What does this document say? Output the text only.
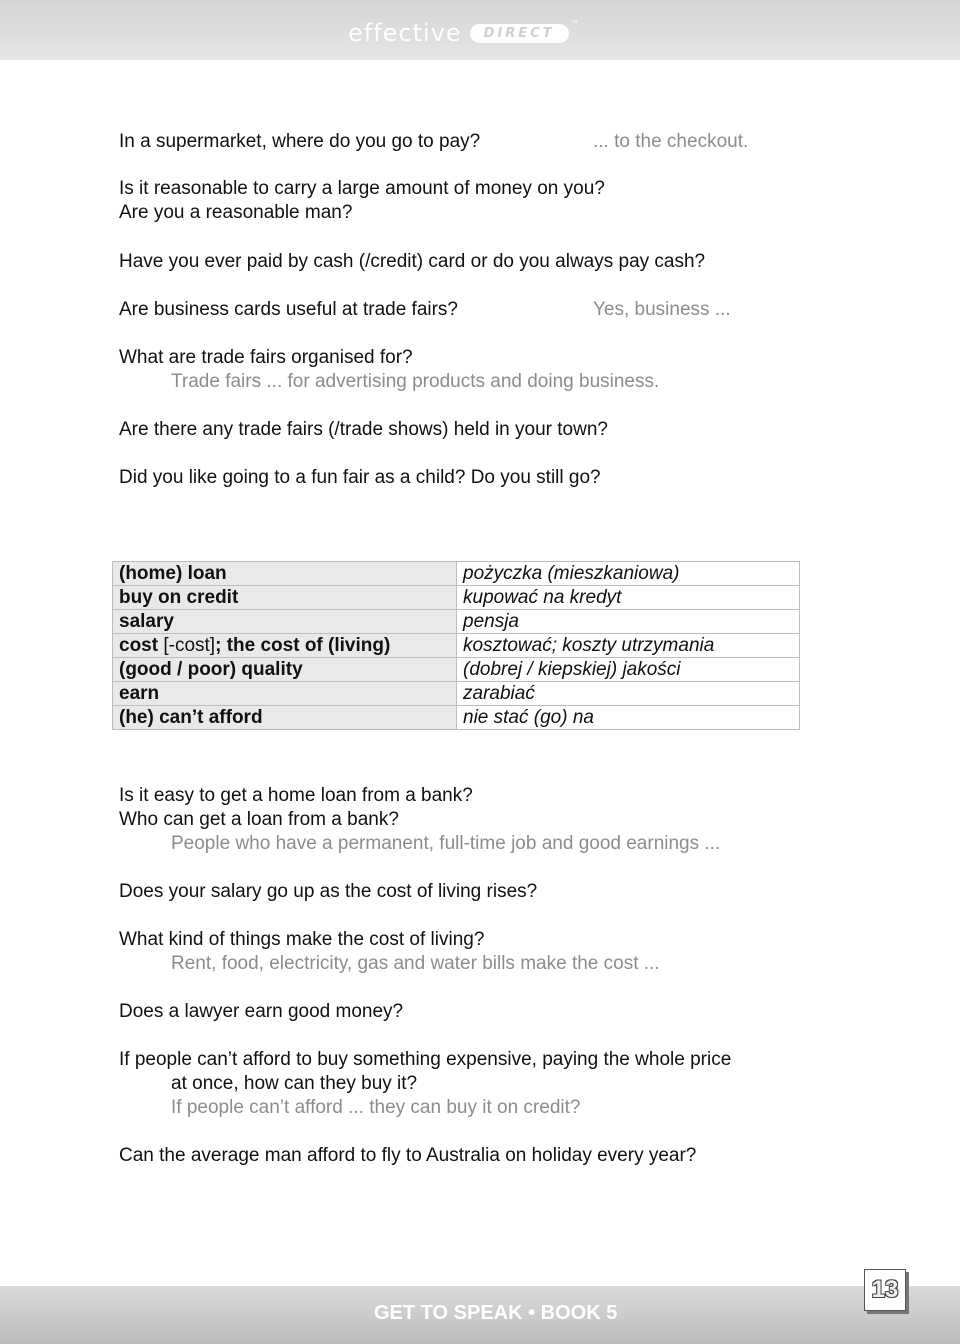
effective	DIRECT
™
In a supermarket, where do you go to pay?	... to the checkout.
Is it reasonable to carry a large amount of money on you?
Are you a reasonable man?
Have you ever paid by cash (/credit) card or do you always pay cash?
Are business cards useful at trade fairs?	Yes, business ...
What are trade fairs organised for?
Trade fairs ... for advertising products and doing business.
Are there any trade fairs (/trade shows) held in your town?
Did you like going to a fun fair as a child? Do you still go?
(home) loan	pożyczka (mieszkaniowa)
buy on credit	kupować na kredyt
salary	pensja
cost [-cost]; the cost of (living)	kosztować; koszty utrzymania
(good / poor) quality	(dobrej / kiepskiej) jakości
earn	zarabiać
(he) can’t afford	nie stać (go) na
Is it easy to get a home loan from a bank?
Who can get a loan from a bank?
People who have a permanent, full-time job and good earnings ...
Does your salary go up as the cost of living rises?
What kind of things make the cost of living?
Rent, food, electricity, gas and water bills make the cost ...
Does a lawyer earn good money?
If people can’t afford to buy something expensive, paying the whole price
at once, how can they buy it?
If people can’t afford ... they can buy it on credit?
Can the average man afford to fly to Australia on holiday every year?
GET TO SPEAK • BOOK 5
13
